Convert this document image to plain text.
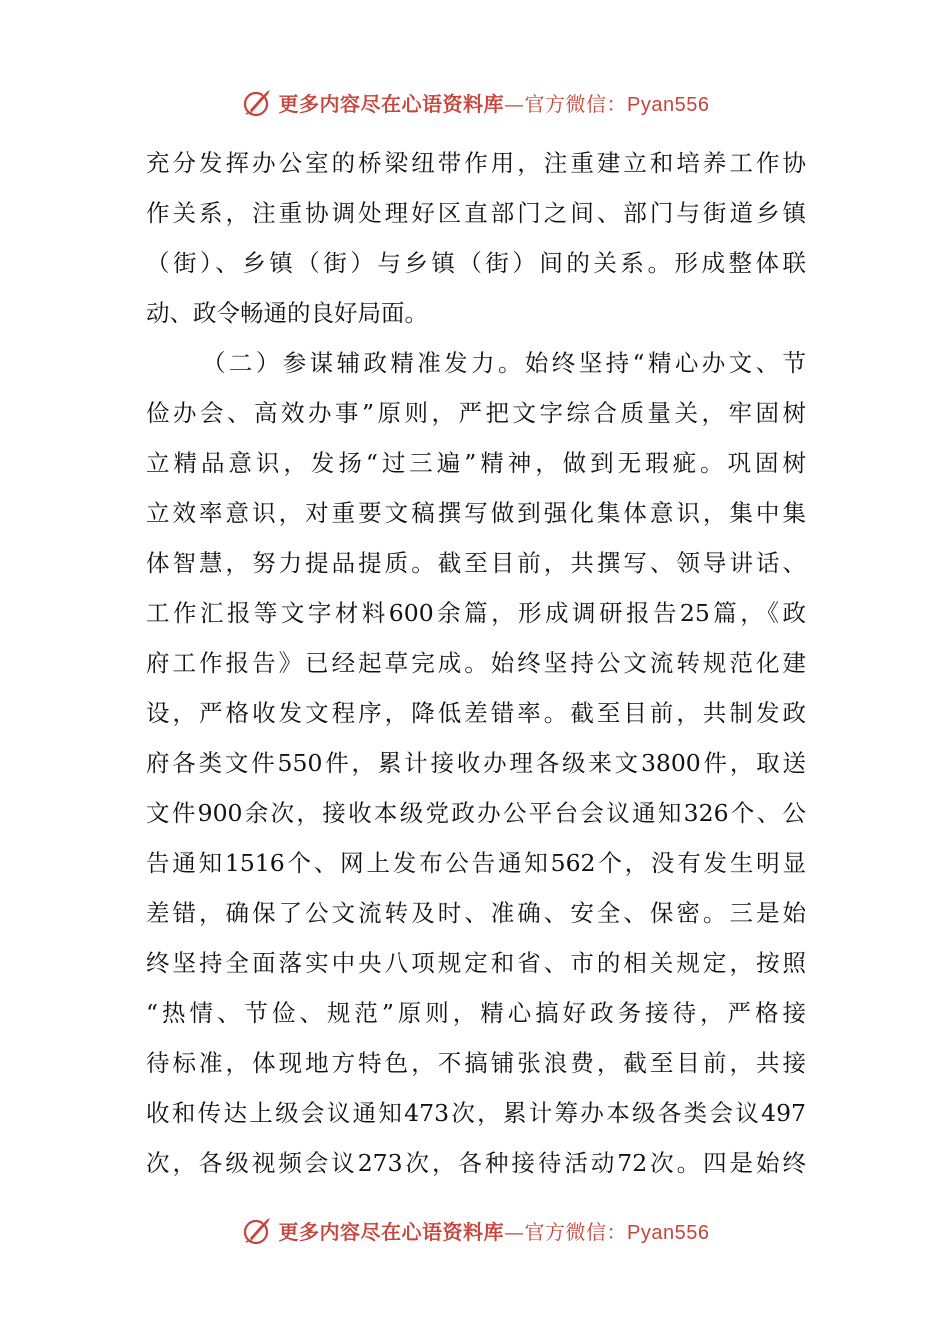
更多内容尽在心语资料库—官方微信：Pyan556
充分发挥办公室的桥梁纽带作用，注重建立和培养工作协
作关系，注重协调处理好区直部门之间、部门与街道乡镇
（街）、乡镇（街）与乡镇（街）间的关系。形成整体联
动、政令畅通的良好局面。
（二）参谋辅政精准发力。始终坚持“精心办文、节
俭办会、高效办事”原则，严把文字综合质量关，牢固树
立精品意识，发扬“过三遍”精神，做到无瑕疵。巩固树
立效率意识，对重要文稿撰写做到强化集体意识，集中集
体智慧，努力提品提质。截至目前，共撰写、领导讲话、
工作汇报等文字材料600余篇，形成调研报告25篇，《政
府工作报告》已经起草完成。始终坚持公文流转规范化建
设，严格收发文程序，降低差错率。截至目前，共制发政
府各类文件550件，累计接收办理各级来文3800件，取送
文件900余次，接收本级党政办公平台会议通知326个、公
告通知1516个、网上发布公告通知562个，没有发生明显
差错，确保了公文流转及时、准确、安全、保密。三是始
终坚持全面落实中央八项规定和省、市的相关规定，按照
“热情、节俭、规范”原则，精心搞好政务接待，严格接
待标准，体现地方特色，不搞铺张浪费，截至目前，共接
收和传达上级会议通知473次，累计筹办本级各类会议497
次，各级视频会议273次，各种接待活动72次。四是始终
更多内容尽在心语资料库—官方微信：Pyan556
